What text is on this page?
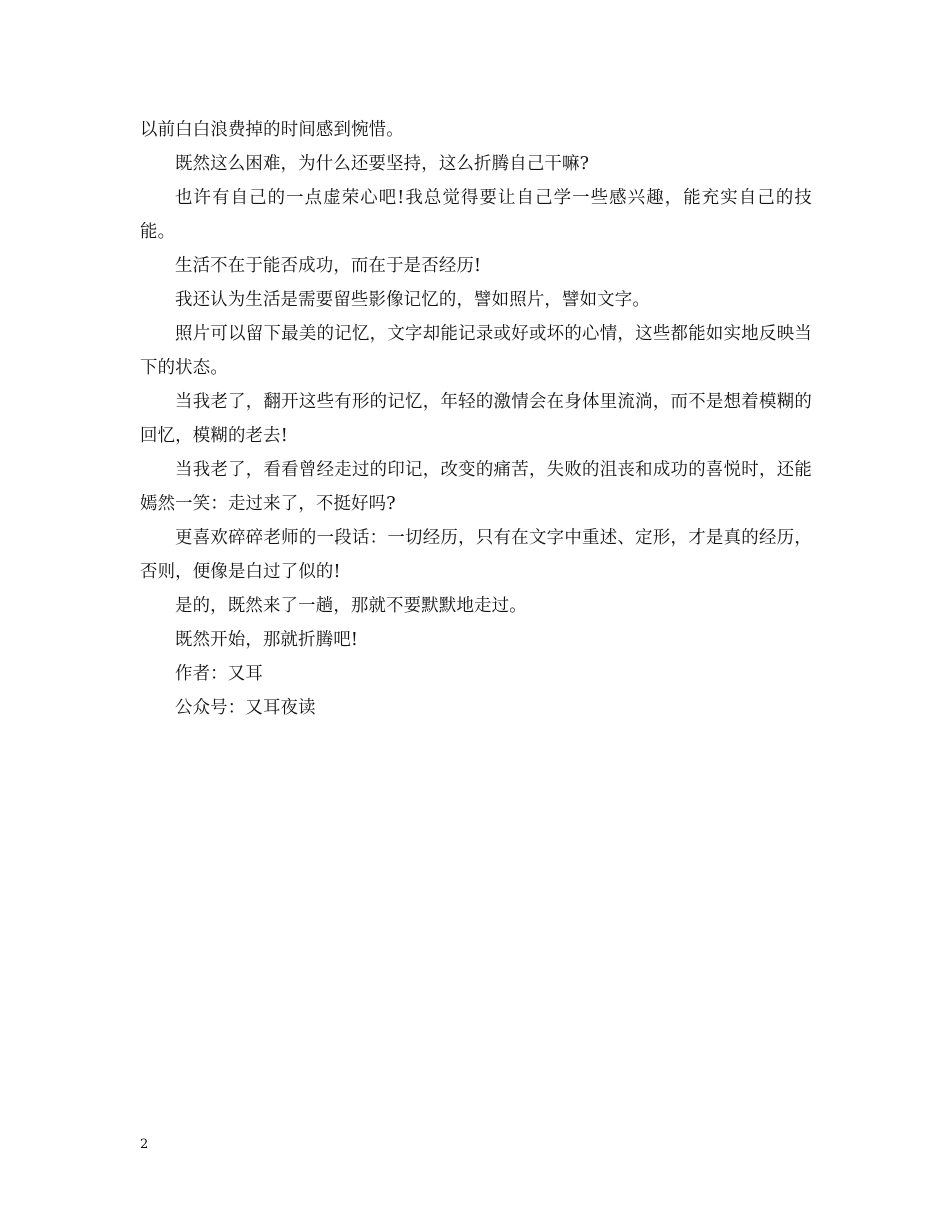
以前白白浪费掉的时间感到惋惜。

既然这么困难，为什么还要坚持，这么折腾自己干嘛?

也许有自己的一点虚荣心吧!我总觉得要让自己学一些感兴趣，能充实自己的技能。

生活不在于能否成功，而在于是否经历!

我还认为生活是需要留些影像记忆的，譬如照片，譬如文字。

照片可以留下最美的记忆，文字却能记录或好或坏的心情，这些都能如实地反映当下的状态。

当我老了，翻开这些有形的记忆，年轻的激情会在身体里流淌，而不是想着模糊的回忆，模糊的老去!

当我老了，看看曾经走过的印记，改变的痛苦，失败的沮丧和成功的喜悦时，还能嫣然一笑：走过来了，不挺好吗?

更喜欢碎碎老师的一段话：一切经历，只有在文字中重述、定形，才是真的经历，否则，便像是白过了似的!

是的，既然来了一趟，那就不要默默地走过。

既然开始，那就折腾吧!

作者：又耳

公众号：又耳夜读

2
